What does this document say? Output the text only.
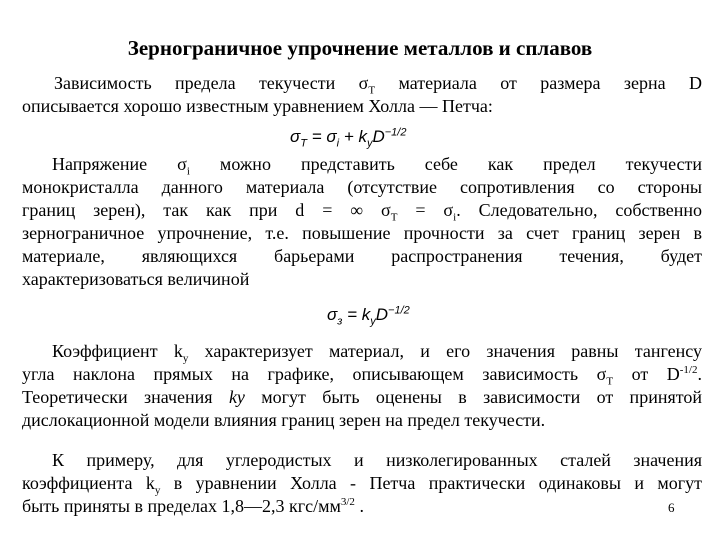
Зернограничное упрочнение металлов и сплавов
Зависимость предела текучести $\sigma_Т$ материала от размера зерна D
описывается хорошо известным уравнением Холла — Петча:
$\sigma_T = \sigma_i + k_yD^{-1/2}$
Напряжение $\sigma_i$ можно представить себе как предел текучести
монокристалла данного материала (отсутствие сопротивления со стороны
границ зерен), так как при d = ∞ $\sigma_Т = \sigma_i$. Следовательно, собственно
зернограничное упрочнение, т.е. повышение прочности за счет границ зерен в
материале, являющихся барьерами распространения течения, будет
характеризоваться величиной
$\sigma_з = k_yD^{-1/2}$
Коэффициент $k_y$ характеризует материал, и его значения равны тангенсу
угла наклона прямых на графике, описывающем зависимость $\sigma_Т$ от $D^{-1/2}$.
Теоретически значения ky могут быть оценены в зависимости от принятой
дислокационной модели влияния границ зерен на предел текучести.
К примеру, для углеродистых и низколегированных сталей значения
коэффициента $k_y$ в уравнении Холла - Петча практически одинаковы и могут
быть приняты в пределах 1,8—2,3 кгс/$мм^{3/2}$ .	6
